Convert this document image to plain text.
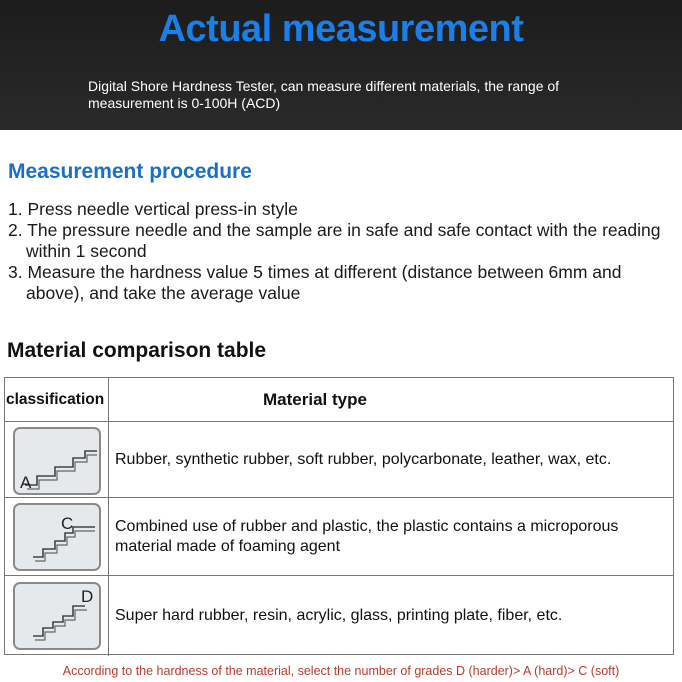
Actual measurement
Digital Shore Hardness Tester, can measure different materials, the range of measurement is 0-100H (ACD)
Measurement procedure
1. Press needle vertical press-in style
2. The pressure needle and the sample are in safe and safe contact with the reading within 1 second
3. Measure the hardness value 5 times at different (distance between 6mm and above), and take the average value
Material comparison table
classification	Material type
A
Rubber, synthetic rubber, soft rubber, polycarbonate, leather, wax, etc.
C	Combined use of rubber and plastic, the plastic contains a microporous material made of foaming agent
D
Super hard rubber, resin, acrylic, glass, printing plate, fiber, etc.
According to the hardness of the material, select the number of grades D (harder)> A (hard)> C (soft)
